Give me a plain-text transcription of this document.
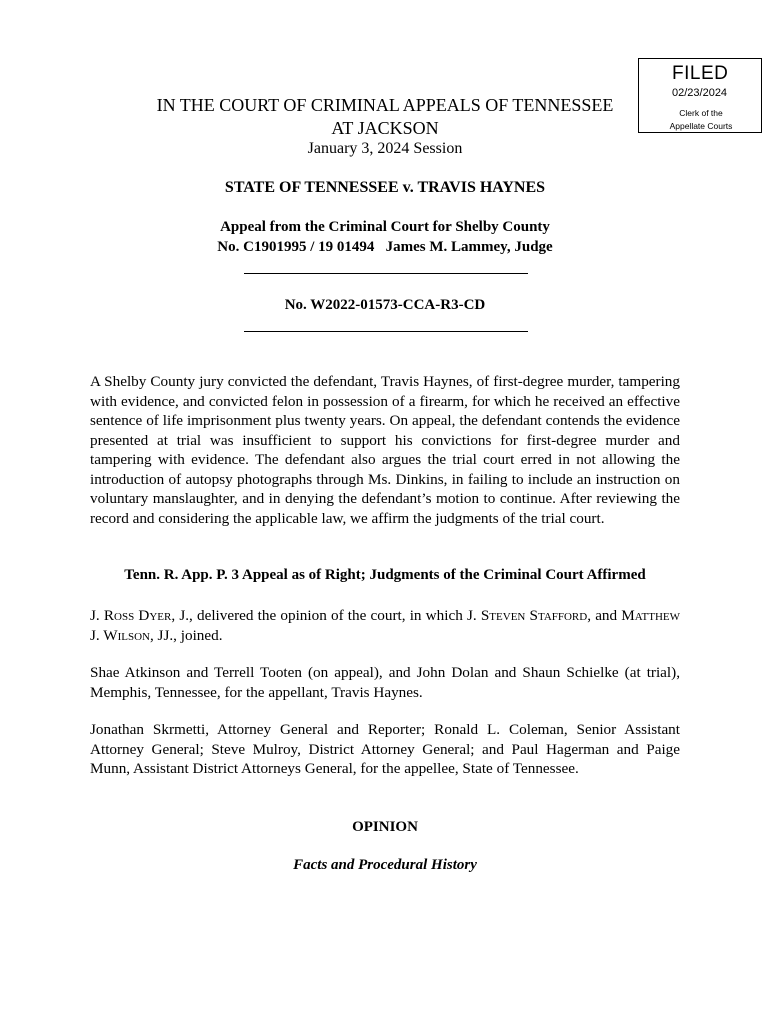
FILED
02/23/2024
Clerk of the
Appellate Courts
IN THE COURT OF CRIMINAL APPEALS OF TENNESSEE
AT JACKSON
January 3, 2024 Session
STATE OF TENNESSEE v. TRAVIS HAYNES
Appeal from the Criminal Court for Shelby County
No. C1901995 / 19 01494   James M. Lammey, Judge
No. W2022-01573-CCA-R3-CD
A Shelby County jury convicted the defendant, Travis Haynes, of first-degree murder, tampering with evidence, and convicted felon in possession of a firearm, for which he received an effective sentence of life imprisonment plus twenty years. On appeal, the defendant contends the evidence presented at trial was insufficient to support his convictions for first-degree murder and tampering with evidence. The defendant also argues the trial court erred in not allowing the introduction of autopsy photographs through Ms. Dinkins, in failing to include an instruction on voluntary manslaughter, and in denying the defendant’s motion to continue. After reviewing the record and considering the applicable law, we affirm the judgments of the trial court.
Tenn. R. App. P. 3 Appeal as of Right; Judgments of the Criminal Court Affirmed
J. Ross Dyer, J., delivered the opinion of the court, in which J. Steven Stafford, and Matthew J. Wilson, JJ., joined.
Shae Atkinson and Terrell Tooten (on appeal), and John Dolan and Shaun Schielke (at trial), Memphis, Tennessee, for the appellant, Travis Haynes.
Jonathan Skrmetti, Attorney General and Reporter; Ronald L. Coleman, Senior Assistant Attorney General; Steve Mulroy, District Attorney General; and Paul Hagerman and Paige Munn, Assistant District Attorneys General, for the appellee, State of Tennessee.
OPINION
Facts and Procedural History
